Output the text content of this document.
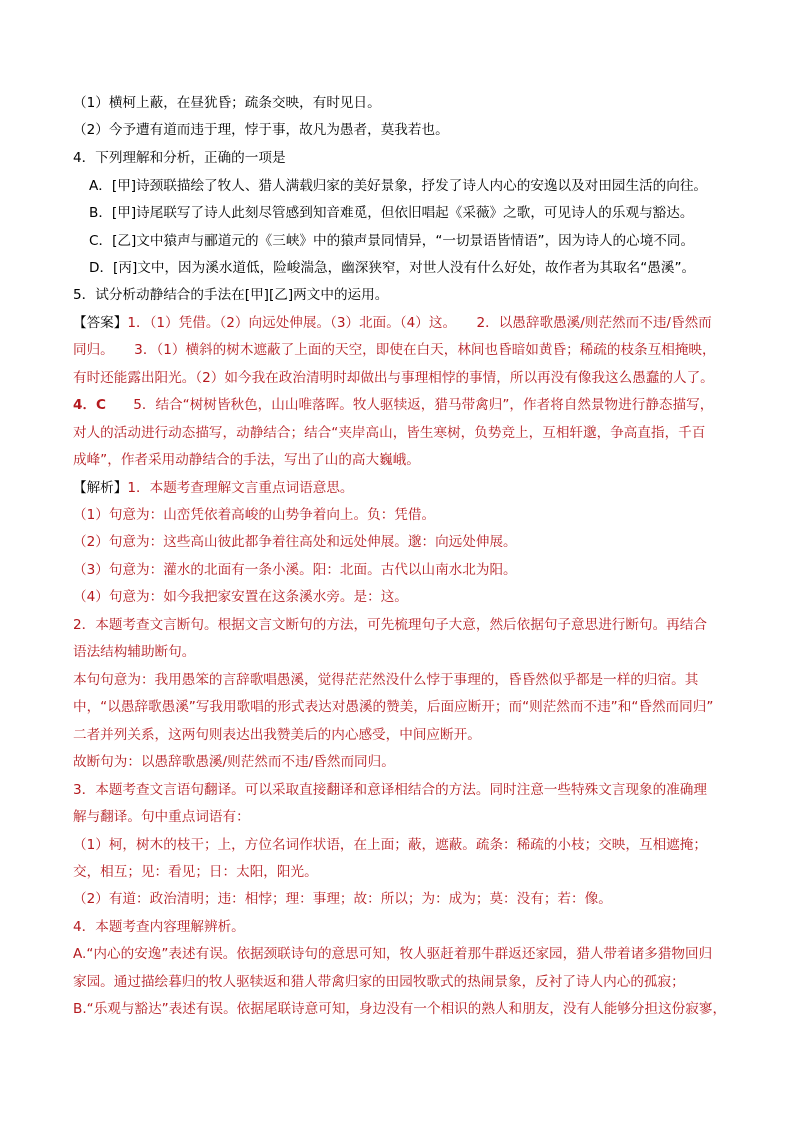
（1）横柯上蔽，在昼犹昏；疏条交映，有时见日。
（2）今予遭有道而违于理，悖于事，故凡为愚者，莫我若也。
4．下列理解和分析，正确的一项是
A．[甲]诗颈联描绘了牧人、猎人满载归家的美好景象，抒发了诗人内心的安逸以及对田园生活的向往。
B．[甲]诗尾联写了诗人此刻尽管感到知音难觅，但依旧唱起《采薇》之歌，可见诗人的乐观与豁达。
C．[乙]文中猿声与郦道元的《三峡》中的猿声景同情异，“一切景语皆情语”，因为诗人的心境不同。
D．[丙]文中，因为溪水道低，险峻湍急，幽深狭窄，对世人没有什么好处，故作者为其取名“愚溪”。
5．试分析动静结合的手法在[甲][乙]两文中的运用。
【答案】1．（1）凭借。（2）向远处伸展。（3）北面。（4）这。　　2．以愚辞歌愚溪/则茫然而不违/昏然而
同归。　　3．（1）横斜的树木遮蔽了上面的天空，即使在白天，林间也昏暗如黄昏；稀疏的枝条互相掩映，
有时还能露出阳光。（2）如今我在政治清明时却做出与事理相悖的事情，所以再没有像我这么愚蠢的人了。
4．C　　5．结合“树树皆秋色，山山唯落晖。牧人驱犊返，猎马带禽归”，作者将自然景物进行静态描写，
对人的活动进行动态描写，动静结合；结合“夹岸高山，皆生寒树，负势竞上，互相轩邈，争高直指，千百
成峰”，作者采用动静结合的手法，写出了山的高大巍峨。
【解析】1．本题考查理解文言重点词语意思。
（1）句意为：山峦凭依着高峻的山势争着向上。负：凭借。
（2）句意为：这些高山彼此都争着往高处和远处伸展。邈：向远处伸展。
（3）句意为：灌水的北面有一条小溪。阳：北面。古代以山南水北为阳。
（4）句意为：如今我把家安置在这条溪水旁。是：这。
2．本题考查文言断句。根据文言文断句的方法，可先梳理句子大意，然后依据句子意思进行断句。再结合
语法结构辅助断句。
本句句意为：我用愚笨的言辞歌唱愚溪，觉得茫茫然没什么悖于事理的，昏昏然似乎都是一样的归宿。其
中，“以愚辞歌愚溪”写我用歌唱的形式表达对愚溪的赞美，后面应断开；而“则茫然而不违”和“昏然而同归”
二者并列关系，这两句则表达出我赞美后的内心感受，中间应断开。
故断句为：以愚辞歌愚溪/则茫然而不违/昏然而同归。
3．本题考查文言语句翻译。可以采取直接翻译和意译相结合的方法。同时注意一些特殊文言现象的准确理
解与翻译。句中重点词语有：
（1）柯，树木的枝干；上，方位名词作状语，在上面；蔽，遮蔽。疏条：稀疏的小枝；交映，互相遮掩；
交，相互；见：看见；日：太阳，阳光。
（2）有道：政治清明；违：相悖；理：事理；故：所以；为：成为；莫：没有；若：像。
4．本题考查内容理解辨析。
A.“内心的安逸”表述有误。依据颈联诗句的意思可知，牧人驱赶着那牛群返还家园，猎人带着诸多猎物回归
家园。通过描绘暮归的牧人驱犊返和猎人带禽归家的田园牧歌式的热闹景象，反衬了诗人内心的孤寂；
B.“乐观与豁达”表述有误。依据尾联诗意可知，身边没有一个相识的熟人和朋友，没有人能够分担这份寂寥，
